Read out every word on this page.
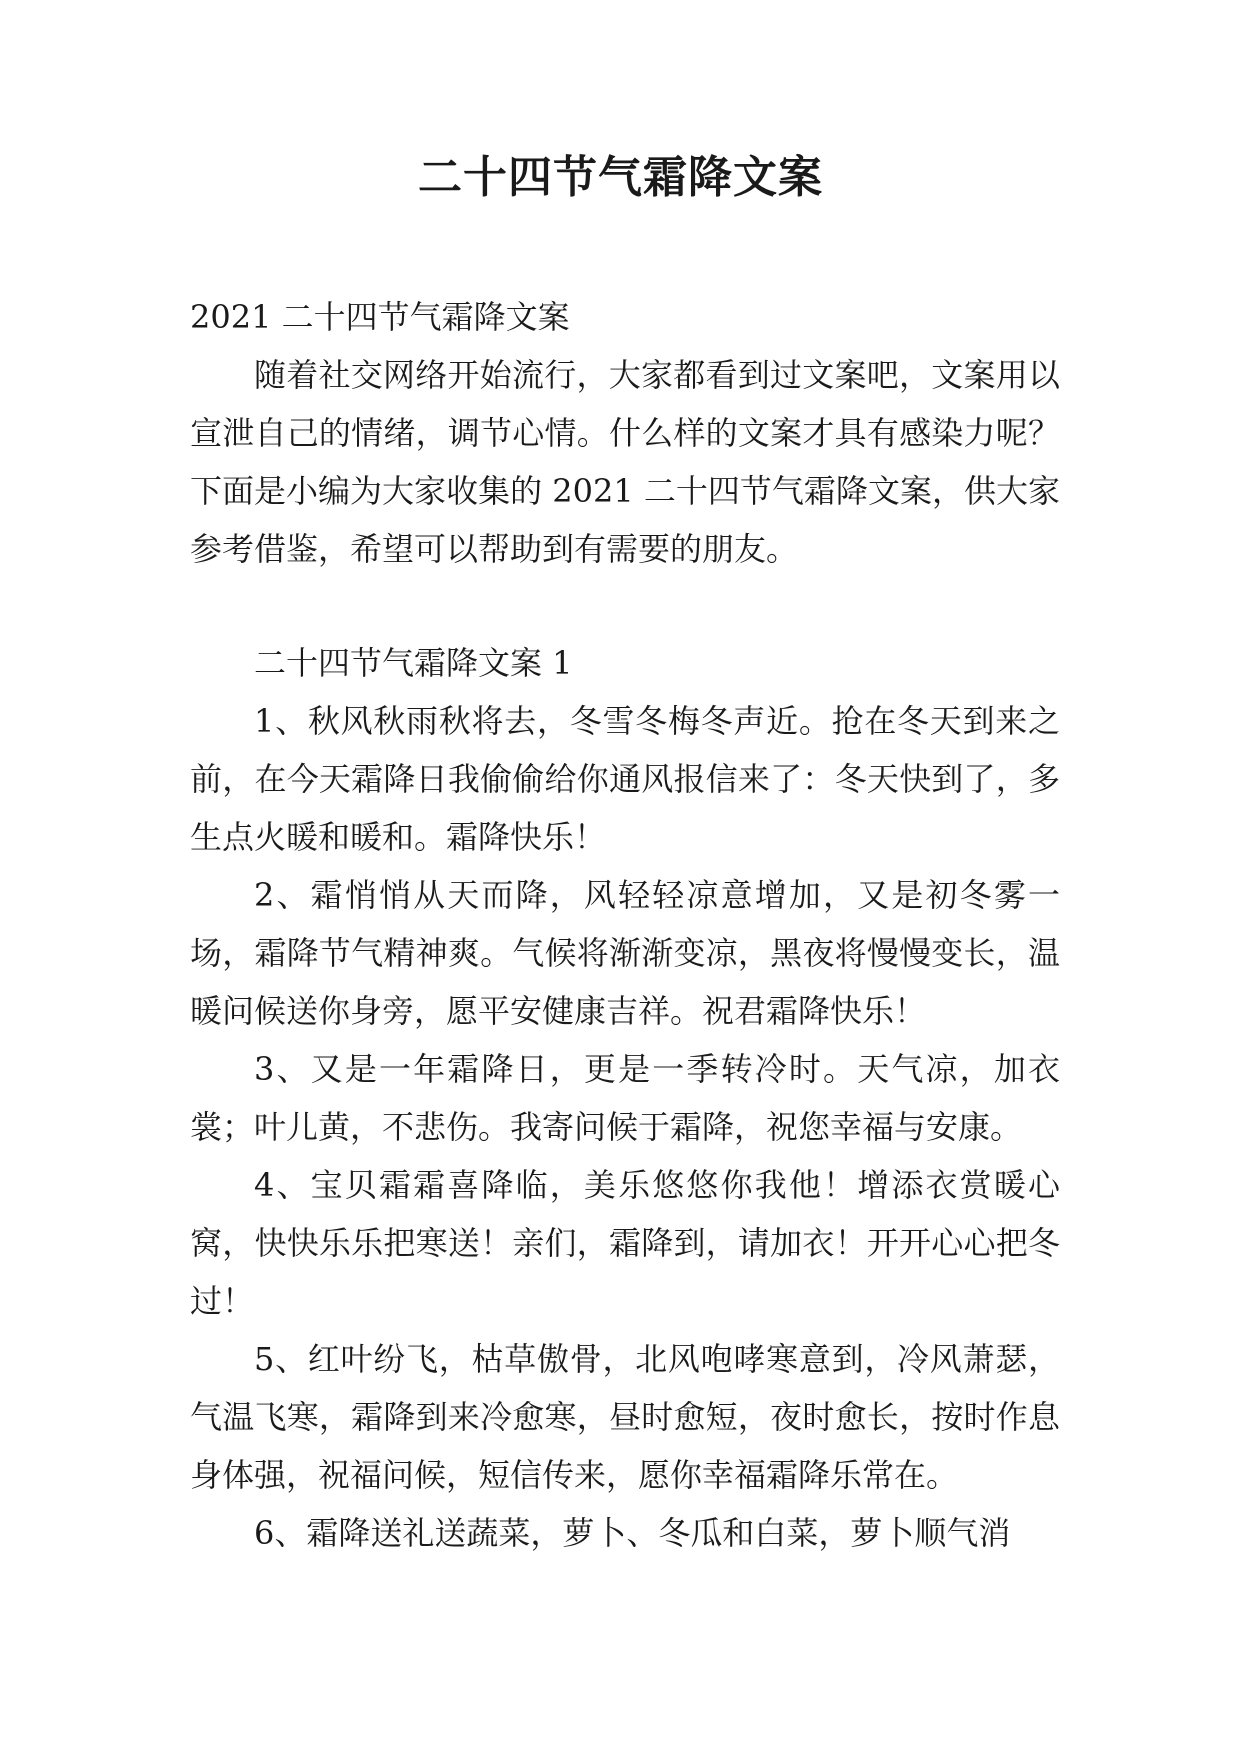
二十四节气霜降文案

2021 二十四节气霜降文案

随着社交网络开始流行，大家都看到过文案吧，文案用以宣泄自己的情绪，调节心情。什么样的文案才具有感染力呢？下面是小编为大家收集的 2021 二十四节气霜降文案，供大家参考借鉴，希望可以帮助到有需要的朋友。

二十四节气霜降文案 1

1、秋风秋雨秋将去，冬雪冬梅冬声近。抢在冬天到来之前，在今天霜降日我偷偷给你通风报信来了：冬天快到了，多生点火暖和暖和。霜降快乐！

2、霜悄悄从天而降，风轻轻凉意增加，又是初冬雾一场，霜降节气精神爽。气候将渐渐变凉，黑夜将慢慢变长，温暖问候送你身旁，愿平安健康吉祥。祝君霜降快乐！

3、又是一年霜降日，更是一季转冷时。天气凉，加衣裳；叶儿黄，不悲伤。我寄问候于霜降，祝您幸福与安康。

4、宝贝霜霜喜降临，美乐悠悠你我他！增添衣赏暖心窝，快快乐乐把寒送！亲们，霜降到，请加衣！开开心心把冬过！

5、红叶纷飞，枯草傲骨，北风咆哮寒意到，冷风萧瑟，气温飞寒，霜降到来冷愈寒，昼时愈短，夜时愈长，按时作息身体强，祝福问候，短信传来，愿你幸福霜降乐常在。

6、霜降送礼送蔬菜，萝卜、冬瓜和白菜，萝卜顺气消
